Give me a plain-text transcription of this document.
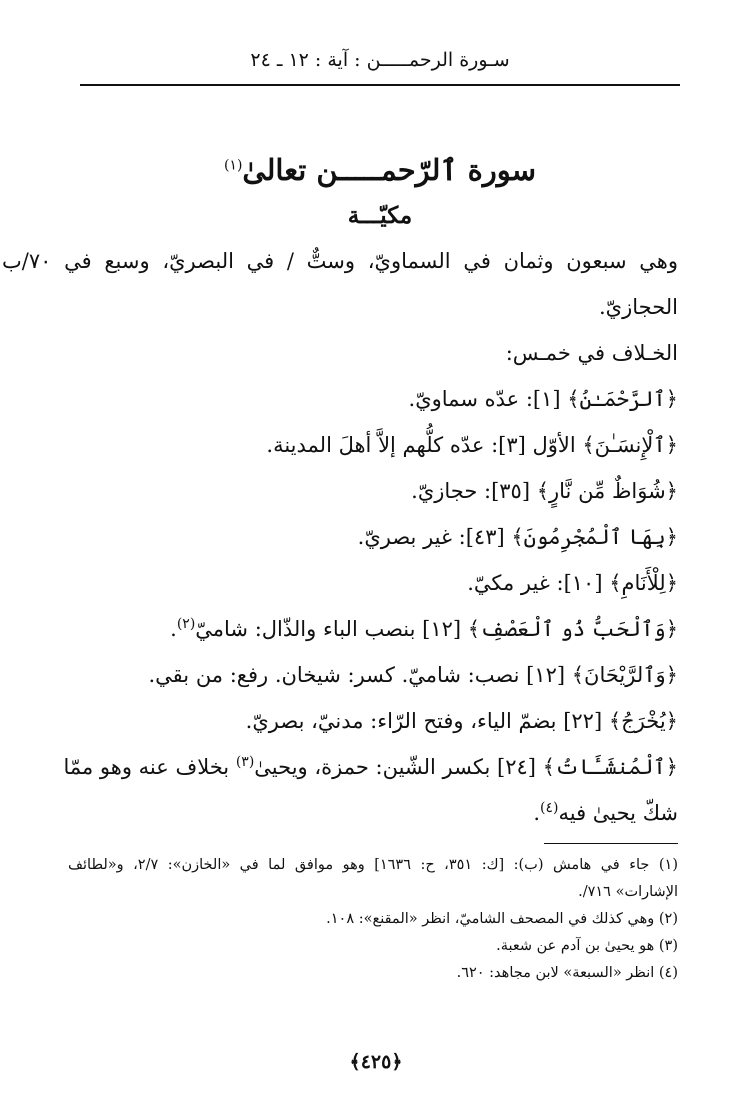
سـورة الرحمـــــن : آية : ١٢ ـ ٢٤
سورة ٱلرّحمـــــن تعالىٰ$^{(١)}$
مكيّـــة

وهي سبعون وثمان في السماويّ، وستٌّ / في البصريّ، وسبع في ٧٠/ب

الحجازيّ.

الخـلاف في خمـس:

﴿ٱلرَّحْمَـٰنُ﴾ [١]: عدّه سماويّ.

﴿ٱلْإِنسَـٰنَ﴾ الأوّل [٣]: عدّه كلُّهم إلاَّ أهلَ المدينة.

﴿شُوَاظٌ مِّن نَّارٍ﴾ [٣٥]: حجازيّ.

﴿بِهَا ٱلْمُجْرِمُونَ﴾ [٤٣]: غير بصريّ.

﴿لِلْأَنَامِ﴾ [١٠]: غير مكيّ.

﴿وَٱلْحَبُّ ذُو ٱلْعَصْفِ﴾ [١٢] بنصب الباء والذّال: شاميّ$^{(٢)}$.

﴿وَٱلرَّيْحَانَ﴾ [١٢] نصب: شاميّ. كسر: شيخان. رفع: من بقي.

﴿يُخْرَجُ﴾ [٢٢] بضمّ الياء، وفتح الرّاء: مدنيّ، بصريّ.

﴿ٱلْمُنشَـَٔاتُ﴾ [٢٤] بكسر الشّين: حمزة، ويحيىٰ$^{(٣)}$ بخلاف عنه وهو ممّا

شكّ يحيىٰ فيه$^{(٤)}$.

(١) جاء في هامش (ب): [ك: ٣٥١، ح: ١٦٣٦] وهو موافق لما في «الخازن»: ٢/٧، و«لطائف

الإشارات» ٧١٦/.

(٢) وهي كذلك في المصحف الشاميّ، انظر «المقنع»: ١٠٨.

(٣) هو يحيىٰ بن آدم عن شعبة.

(٤) انظر «السبعة» لابن مجاهد: ٦٢٠.

﴿٤٢٥﴾
